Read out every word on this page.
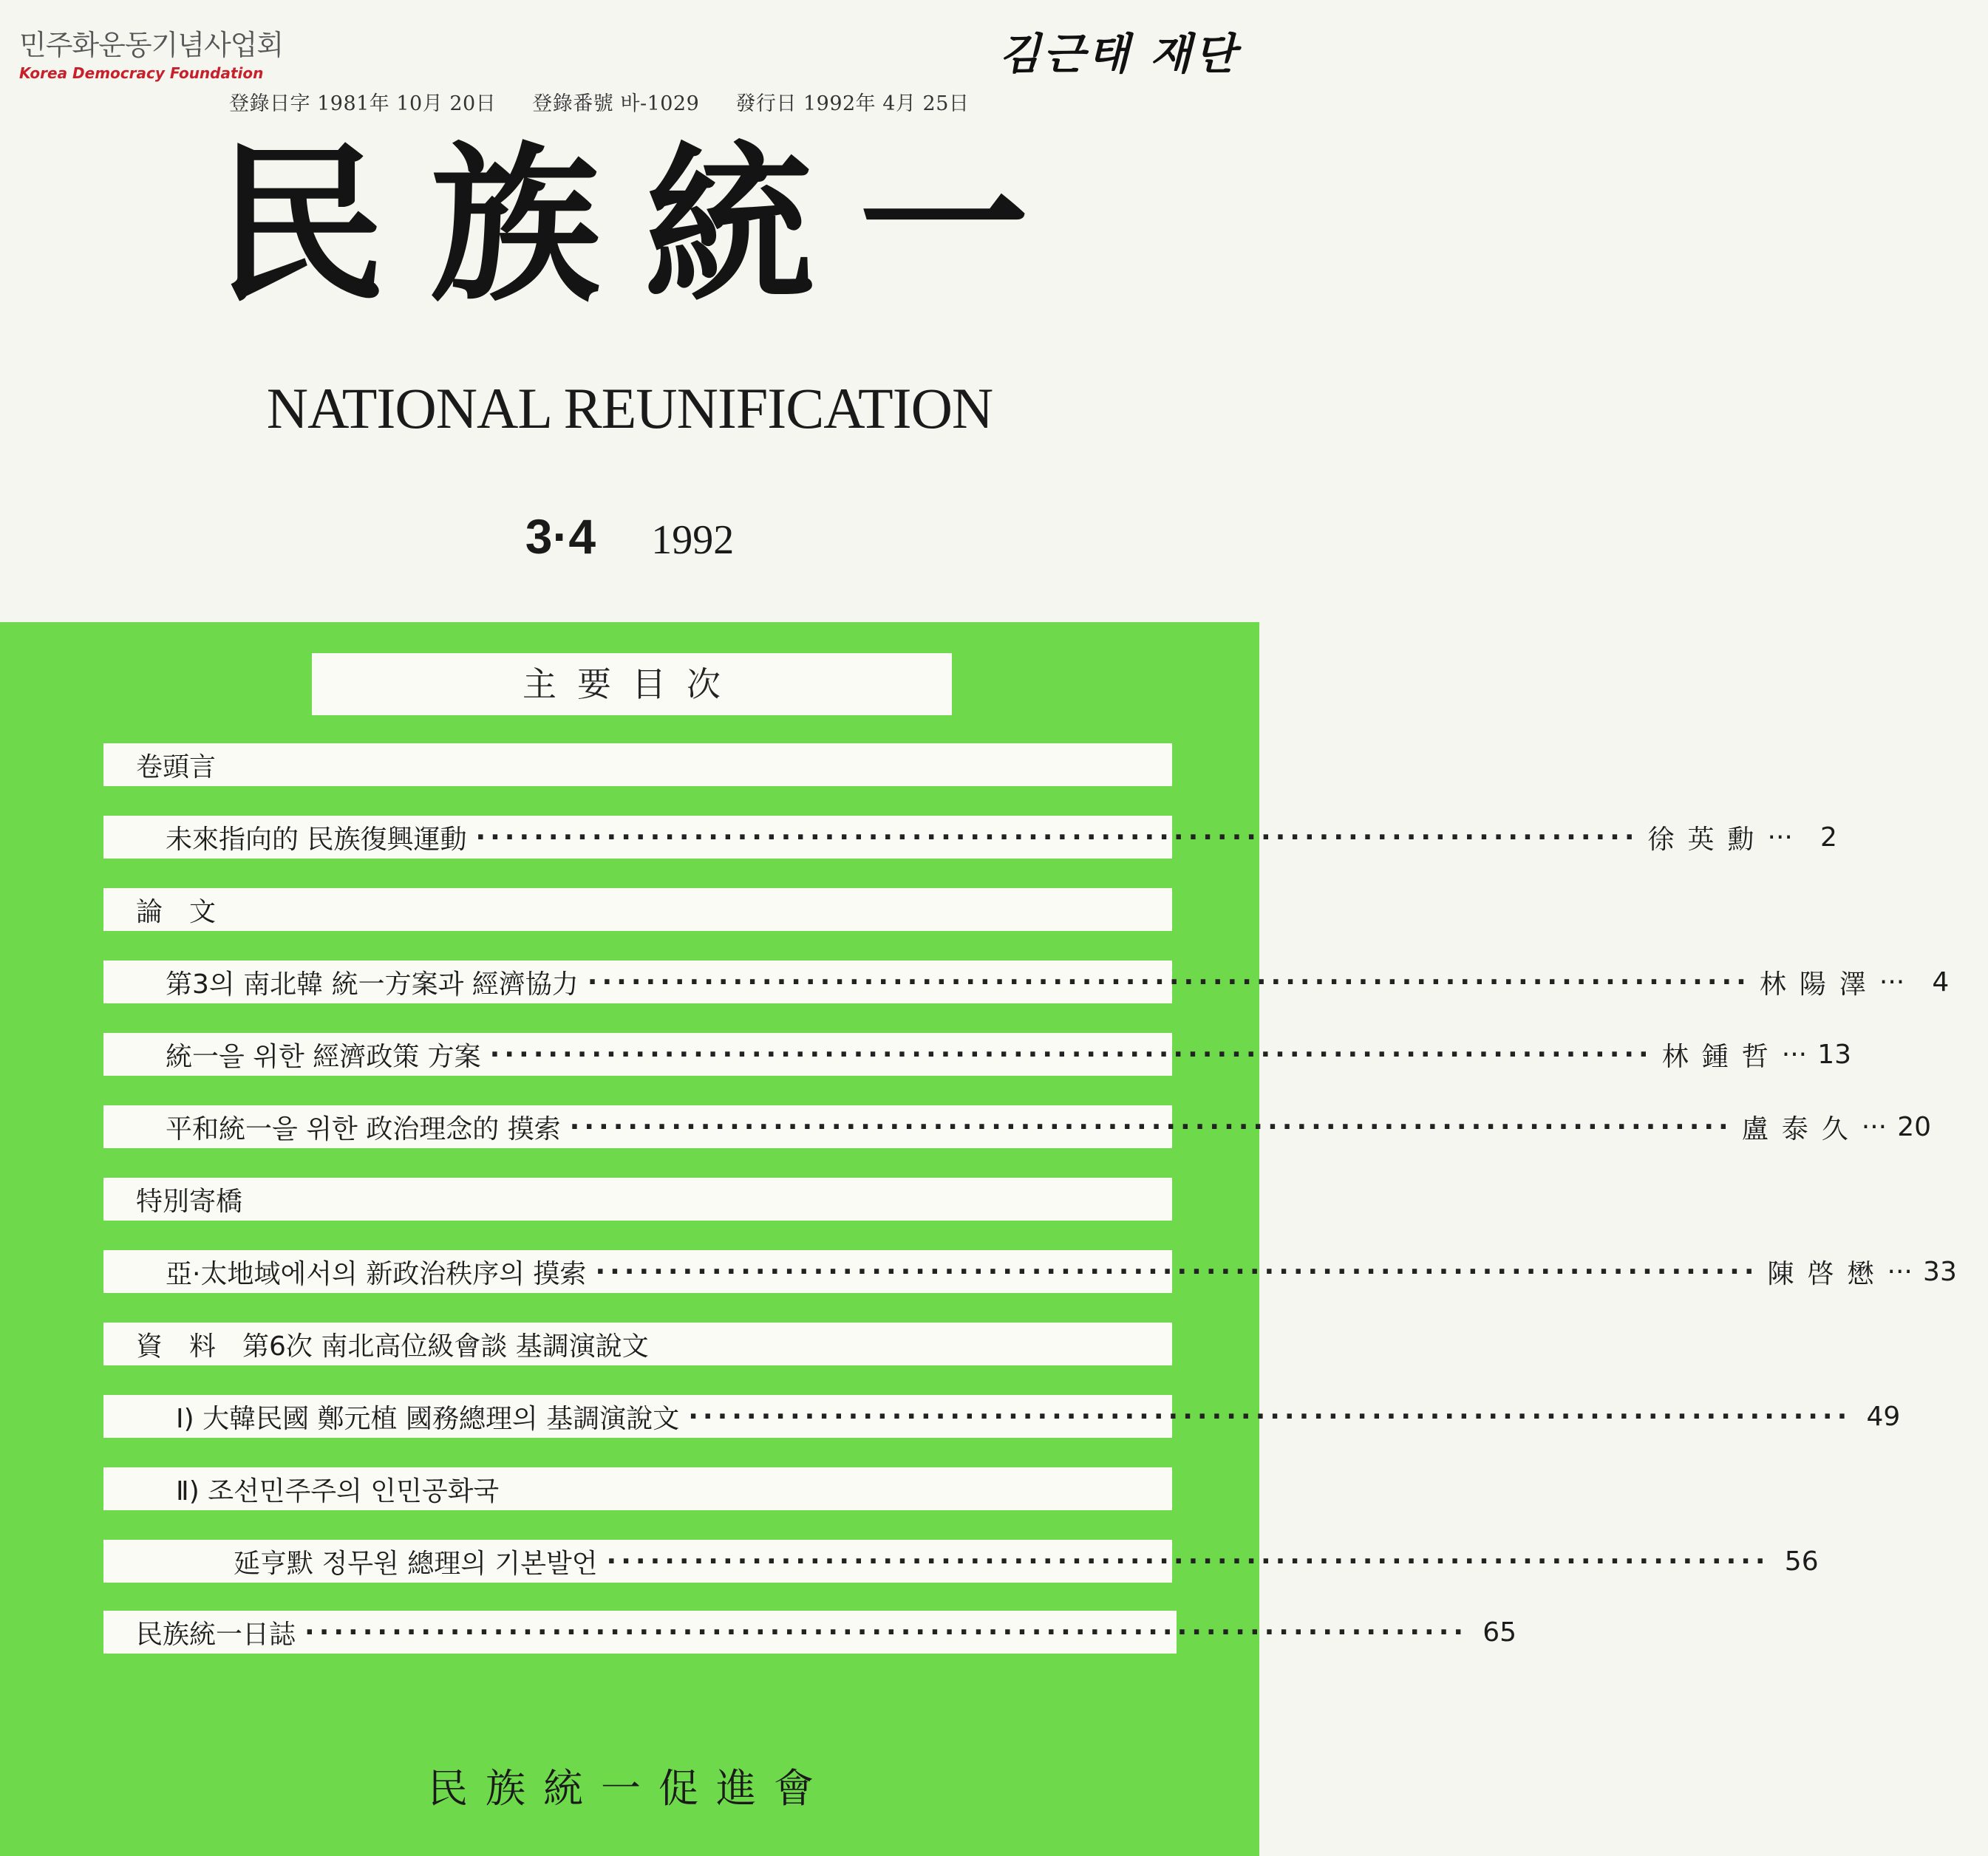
민주화운동기념사업회
Korea Democracy Foundation	김근태 재단
登錄日字 1981年 10月 20日 登錄番號 바-1029 發行日 1992年 4月 25日
民族統一
NATIONAL REUNIFICATION
3·4 1992
主要目次
卷頭言
未來指向的 民族復興運動 ················································································ 徐英勳 ···	2
論　文
第3의 南北韓 統一方案과 經濟協力 ················································································ 林陽澤 ···	4
統一을 위한 經濟政策 方案 ················································································ 林鍾哲 ··· 13
平和統一을 위한 政治理念的 摸索 ················································································ 盧泰久 ··· 20
特別寄橋
亞·太地域에서의 新政治秩序의 摸索 ················································································ 陳啓懋 ··· 33
資　料　第6次 南北高位級會談 基調演說文
Ⅰ) 大韓民國 鄭元植 國務總理의 基調演說文 ················································································ 49
Ⅱ) 조선민주주의 인민공화국
延亨默 정무원 總理의 기본발언 ················································································ 56
民族統一日誌 ················································································ 65
民族統一促進會
